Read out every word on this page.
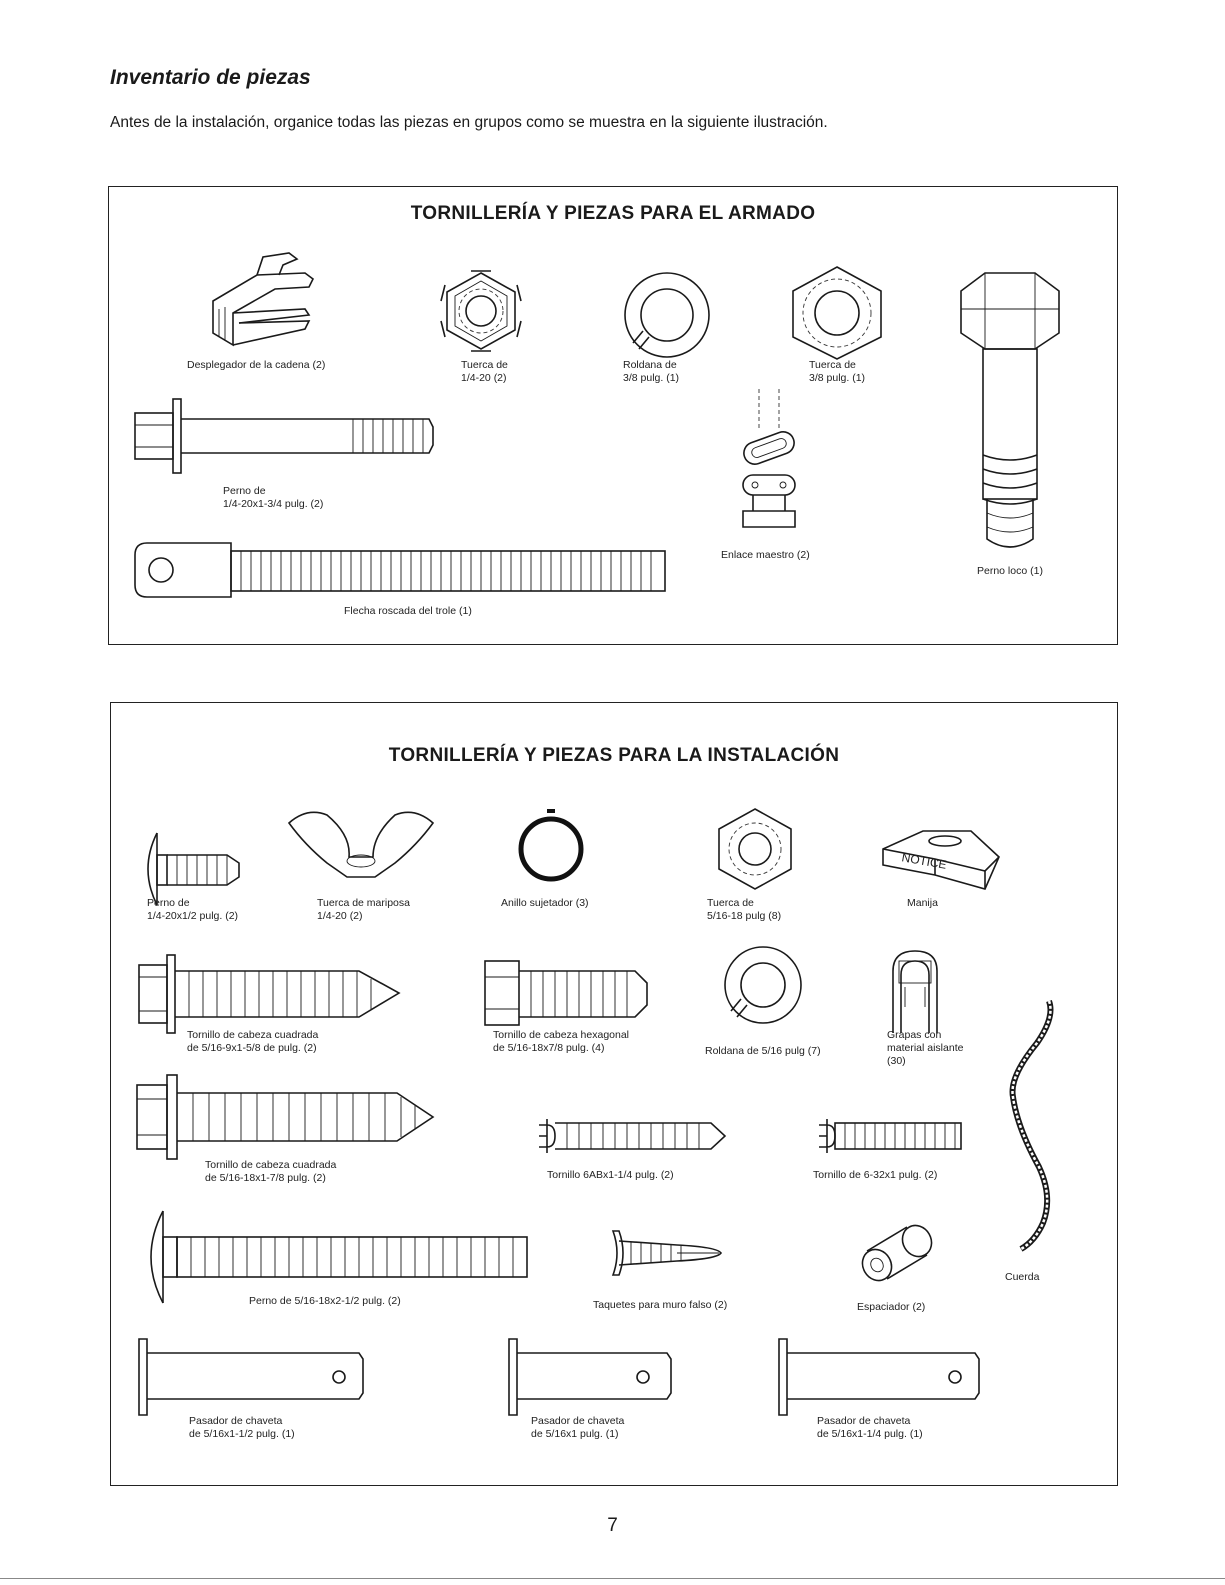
Inventario de piezas
Antes de la instalación, organice todas las piezas en grupos como se muestra en la siguiente ilustración.
TORNILLERÍA Y PIEZAS PARA EL ARMADO
Desplegador de la cadena (2)	Tuerca de
1/4-20 (2)
Roldana de
3/8 pulg. (1)
Tuerca de
3/8 pulg. (1)
Perno de
1/4-20x1-3/4 pulg. (2)
Enlace maestro (2)
Flecha roscada del trole (1)
Perno loco (1)
TORNILLERÍA Y PIEZAS PARA LA INSTALACIÓN
Perno de
1/4-20x1/2 pulg. (2)
Tuerca de mariposa
1/4-20 (2)
Anillo sujetador (3)	Tuerca de
5/16-18 pulg (8)
NOTICE
Manija
Tornillo de cabeza cuadrada
de 5/16-9x1-5/8 de pulg. (2)
Tornillo de cabeza hexagonal
de 5/16-18x7/8 pulg. (4)	Roldana de 5/16 pulg (7)
Grapas con
material aislante
(30)
Tornillo de cabeza cuadrada
de 5/16-18x1-7/8 pulg. (2)	Tornillo 6ABx1-1/4 pulg. (2)	Tornillo de 6-32x1 pulg. (2)
Cuerda
Perno de 5/16-18x2-1/2 pulg. (2)	Taquetes para muro falso (2)	Espaciador (2)
Pasador de chaveta
de 5/16x1-1/2 pulg. (1)
Pasador de chaveta
de 5/16x1 pulg. (1)
Pasador de chaveta
de 5/16x1-1/4 pulg. (1)
7
